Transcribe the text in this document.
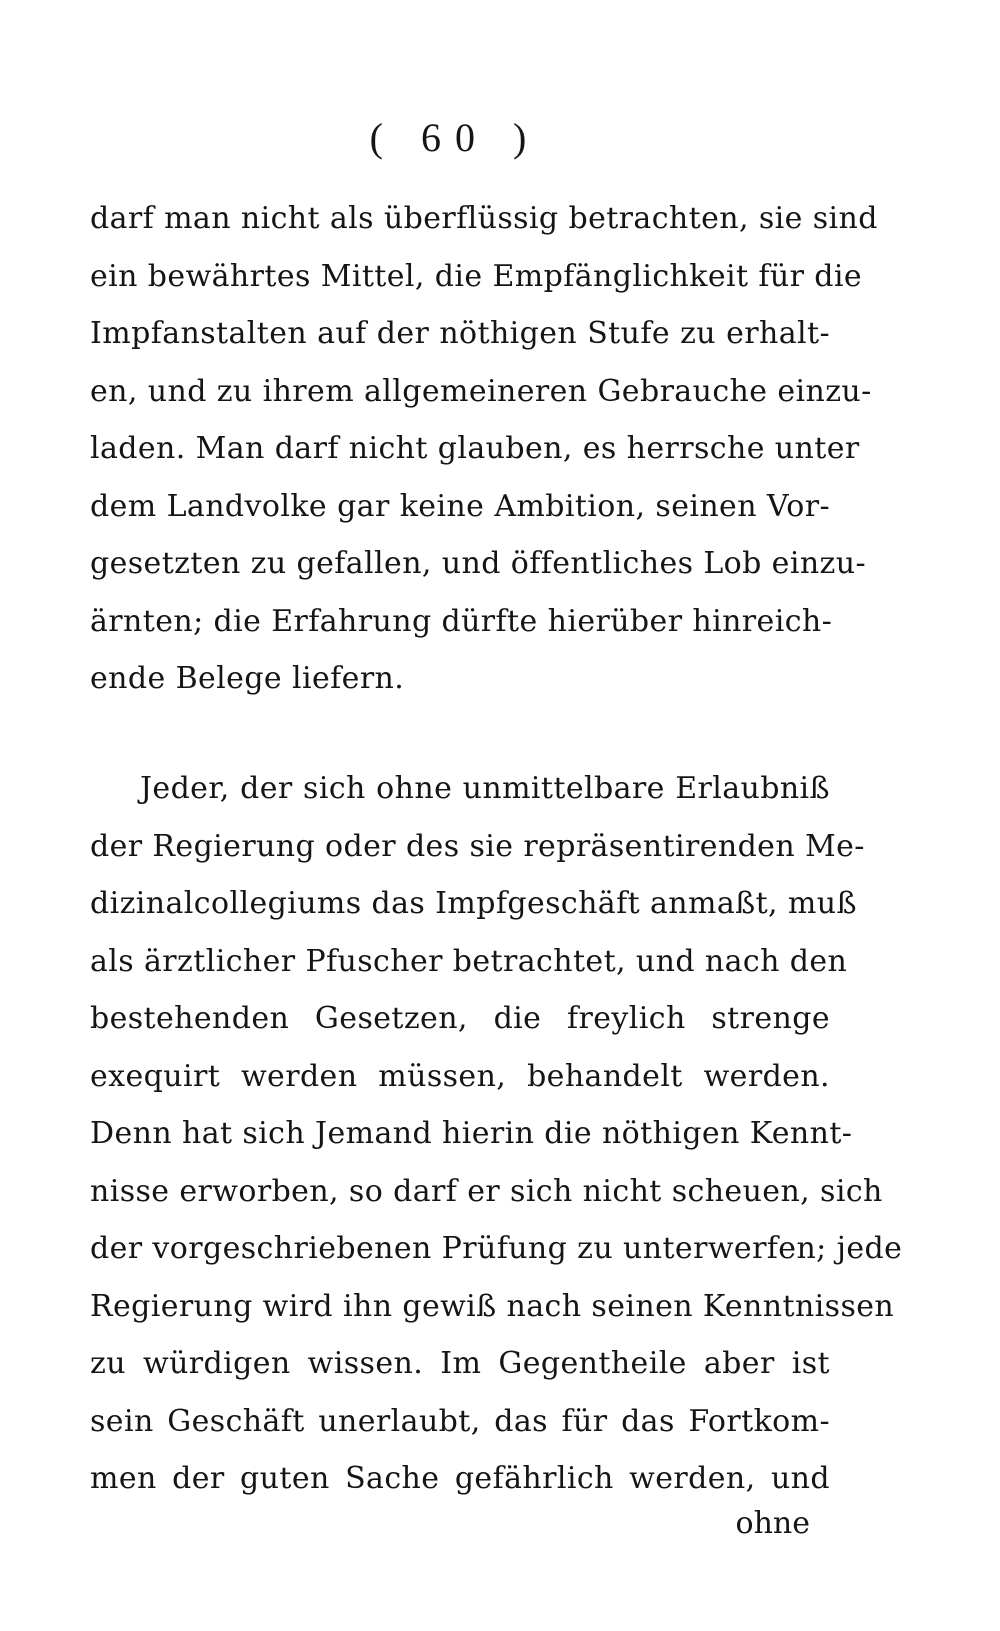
( 60 )
darf man nicht als überflüssig betrachten, sie sind
ein bewährtes Mittel, die Empfänglichkeit für die
Impfanstalten auf der nöthigen Stufe zu erhalt-
en, und zu ihrem allgemeineren Gebrauche einzu-
laden. Man darf nicht glauben, es herrsche unter
dem Landvolke gar keine Ambition, seinen Vor-
gesetzten zu gefallen, und öffentliches Lob einzu-
ärnten; die Erfahrung dürfte hierüber hinreich-
ende Belege liefern.
Jeder, der sich ohne unmittelbare Erlaubniß
der Regierung oder des sie repräsentirenden Me-
dizinalcollegiums das Impfgeschäft anmaßt, muß
als ärztlicher Pfuscher betrachtet, und nach den
bestehenden Gesetzen, die freylich strenge
exequirt werden müssen, behandelt werden.
Denn hat sich Jemand hierin die nöthigen Kennt-
nisse erworben, so darf er sich nicht scheuen, sich
der vorgeschriebenen Prüfung zu unterwerfen; jede
Regierung wird ihn gewiß nach seinen Kenntnissen
zu würdigen wissen. Im Gegentheile aber ist
sein Geschäft unerlaubt, das für das Fortkom-
men der guten Sache gefährlich werden, und
ohne
